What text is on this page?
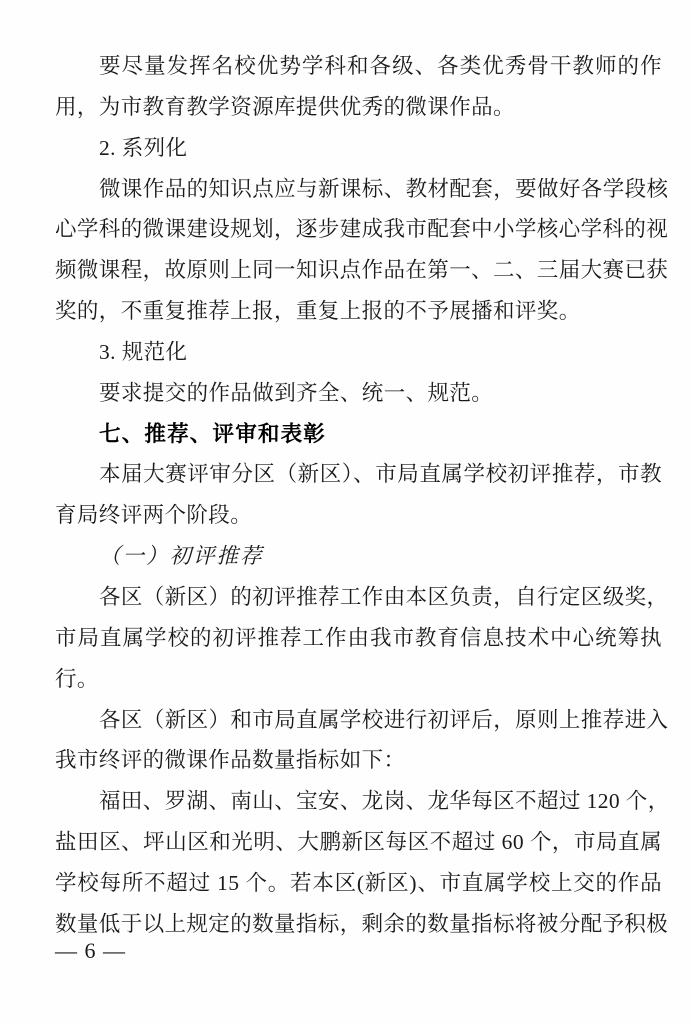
要尽量发挥名校优势学科和各级、各类优秀骨干教师的作
用，为市教育教学资源库提供优秀的微课作品。
2. 系列化
微课作品的知识点应与新课标、教材配套，要做好各学段核
心学科的微课建设规划，逐步建成我市配套中小学核心学科的视
频微课程，故原则上同一知识点作品在第一、二、三届大赛已获
奖的，不重复推荐上报，重复上报的不予展播和评奖。
3. 规范化
要求提交的作品做到齐全、统一、规范。
七、推荐、评审和表彰
本届大赛评审分区（新区）、市局直属学校初评推荐，市教
育局终评两个阶段。
（一）初评推荐
各区（新区）的初评推荐工作由本区负责，自行定区级奖，
市局直属学校的初评推荐工作由我市教育信息技术中心统筹执
行。
各区（新区）和市局直属学校进行初评后，原则上推荐进入
我市终评的微课作品数量指标如下：
福田、罗湖、南山、宝安、龙岗、龙华每区不超过 120 个，
盐田区、坪山区和光明、大鹏新区每区不超过 60 个，市局直属
学校每所不超过 15 个。若本区(新区)、市直属学校上交的作品
数量低于以上规定的数量指标，剩余的数量指标将被分配予积极
— 6 —
